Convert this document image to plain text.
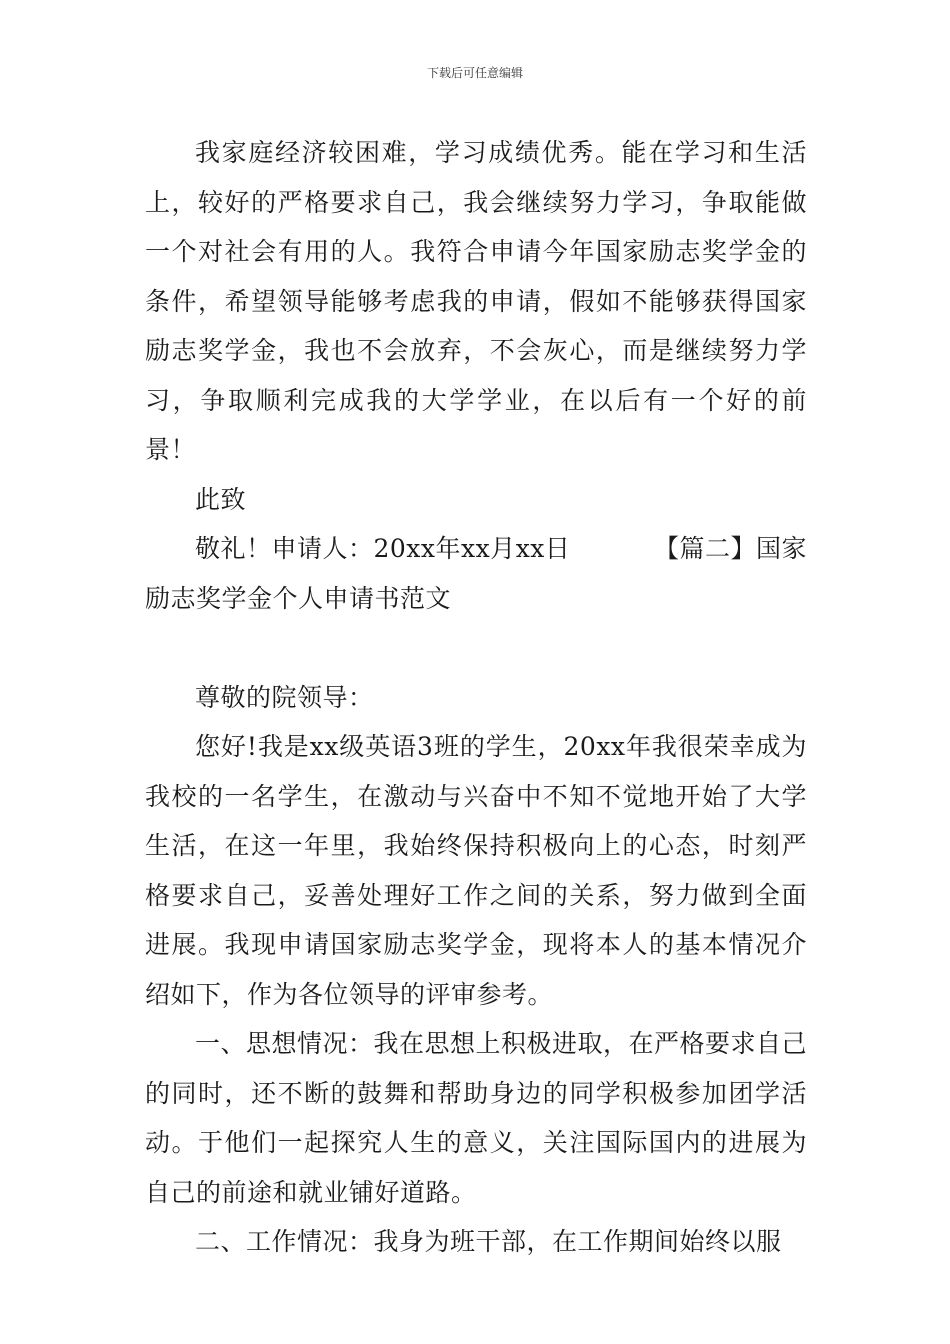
下载后可任意编辑

我家庭经济较困难，学习成绩优秀。能在学习和生活上，较好的严格要求自己，我会继续努力学习，争取能做一个对社会有用的人。我符合申请今年国家励志奖学金的条件，希望领导能够考虑我的申请，假如不能够获得国家励志奖学金，我也不会放弃，不会灰心，而是继续努力学习，争取顺利完成我的大学学业，在以后有一个好的前景！

此致

敬礼！申请人：20xx年xx月xx日	【篇二】国家

励志奖学金个人申请书范文

尊敬的院领导：

您好!我是xx级英语3班的学生，20xx年我很荣幸成为我校的一名学生，在激动与兴奋中不知不觉地开始了大学生活，在这一年里，我始终保持积极向上的心态，时刻严格要求自己，妥善处理好工作之间的关系，努力做到全面进展。我现申请国家励志奖学金，现将本人的基本情况介绍如下，作为各位领导的评审参考。

一、思想情况：我在思想上积极进取，在严格要求自己的同时，还不断的鼓舞和帮助身边的同学积极参加团学活动。于他们一起探究人生的意义，关注国际国内的进展为自己的前途和就业铺好道路。

二、工作情况：我身为班干部，在工作期间始终以服
